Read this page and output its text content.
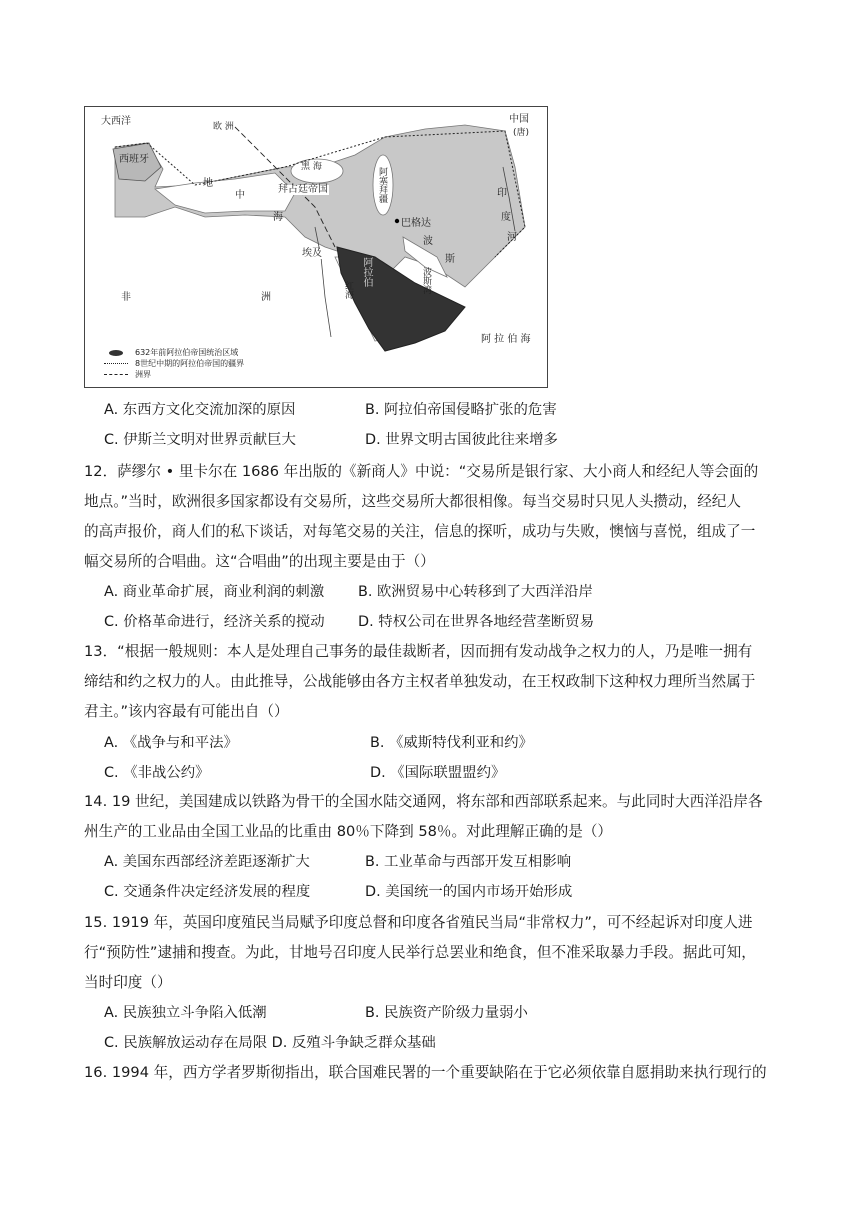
大西洋	欧 洲
中国
(唐)
西班牙
地
中
海
黑 海
拜占廷帝国	阿塞拜疆
巴格达
波
斯
波斯湾
埃及
阿拉伯
红海
非	洲
阿 拉 伯 海
印
度
河
632年前阿拉伯帝国统治区域
8世纪中期的阿拉伯帝国的疆界
洲界
A. 东西方文化交流加深的原因	B. 阿拉伯帝国侵略扩张的危害
C. 伊斯兰文明对世界贡献巨大	D. 世界文明古国彼此往来增多
12．萨缪尔 • 里卡尔在 1686 年出版的《新商人》中说：“交易所是银行家、大小商人和经纪人等会面的
地点。”当时，欧洲很多国家都设有交易所，这些交易所大都很相像。每当交易时只见人头攒动，经纪人
的高声报价，商人们的私下谈话，对每笔交易的关注，信息的探听，成功与失败，懊恼与喜悦，组成了一
幅交易所的合唱曲。这“合唱曲”的出现主要是由于（）
A. 商业革命扩展，商业利润的刺激 B. 欧洲贸易中心转移到了大西洋沿岸
C. 价格革命进行，经济关系的搅动 D. 特权公司在世界各地经营垄断贸易
13．“根据一般规则：本人是处理自己事务的最佳裁断者，因而拥有发动战争之权力的人，乃是唯一拥有
缔结和约之权力的人。由此推导，公战能够由各方主权者单独发动，在王权政制下这种权力理所当然属于
君主。”该内容最有可能出自（）
A. 《战争与和平法》	B. 《威斯特伐利亚和约》
C. 《非战公约》	D. 《国际联盟盟约》
14. 19 世纪，美国建成以铁路为骨干的全国水陆交通网，将东部和西部联系起来。与此同时大西洋沿岸各
州生产的工业品由全国工业品的比重由 80％下降到 58％。对此理解正确的是（）
A. 美国东西部经济差距逐渐扩大	B. 工业革命与西部开发互相影响
C. 交通条件决定经济发展的程度	D. 美国统一的国内市场开始形成
15. 1919 年，英国印度殖民当局赋予印度总督和印度各省殖民当局“非常权力”，可不经起诉对印度人进
行“预防性”逮捕和搜查。为此，甘地号召印度人民举行总罢业和绝食，但不准采取暴力手段。据此可知，
当时印度（）
A. 民族独立斗争陷入低潮	B. 民族资产阶级力量弱小
C. 民族解放运动存在局限 D. 反殖斗争缺乏群众基础
16. 1994 年，西方学者罗斯彻指出，联合国难民署的一个重要缺陷在于它必须依靠自愿捐助来执行现行的
